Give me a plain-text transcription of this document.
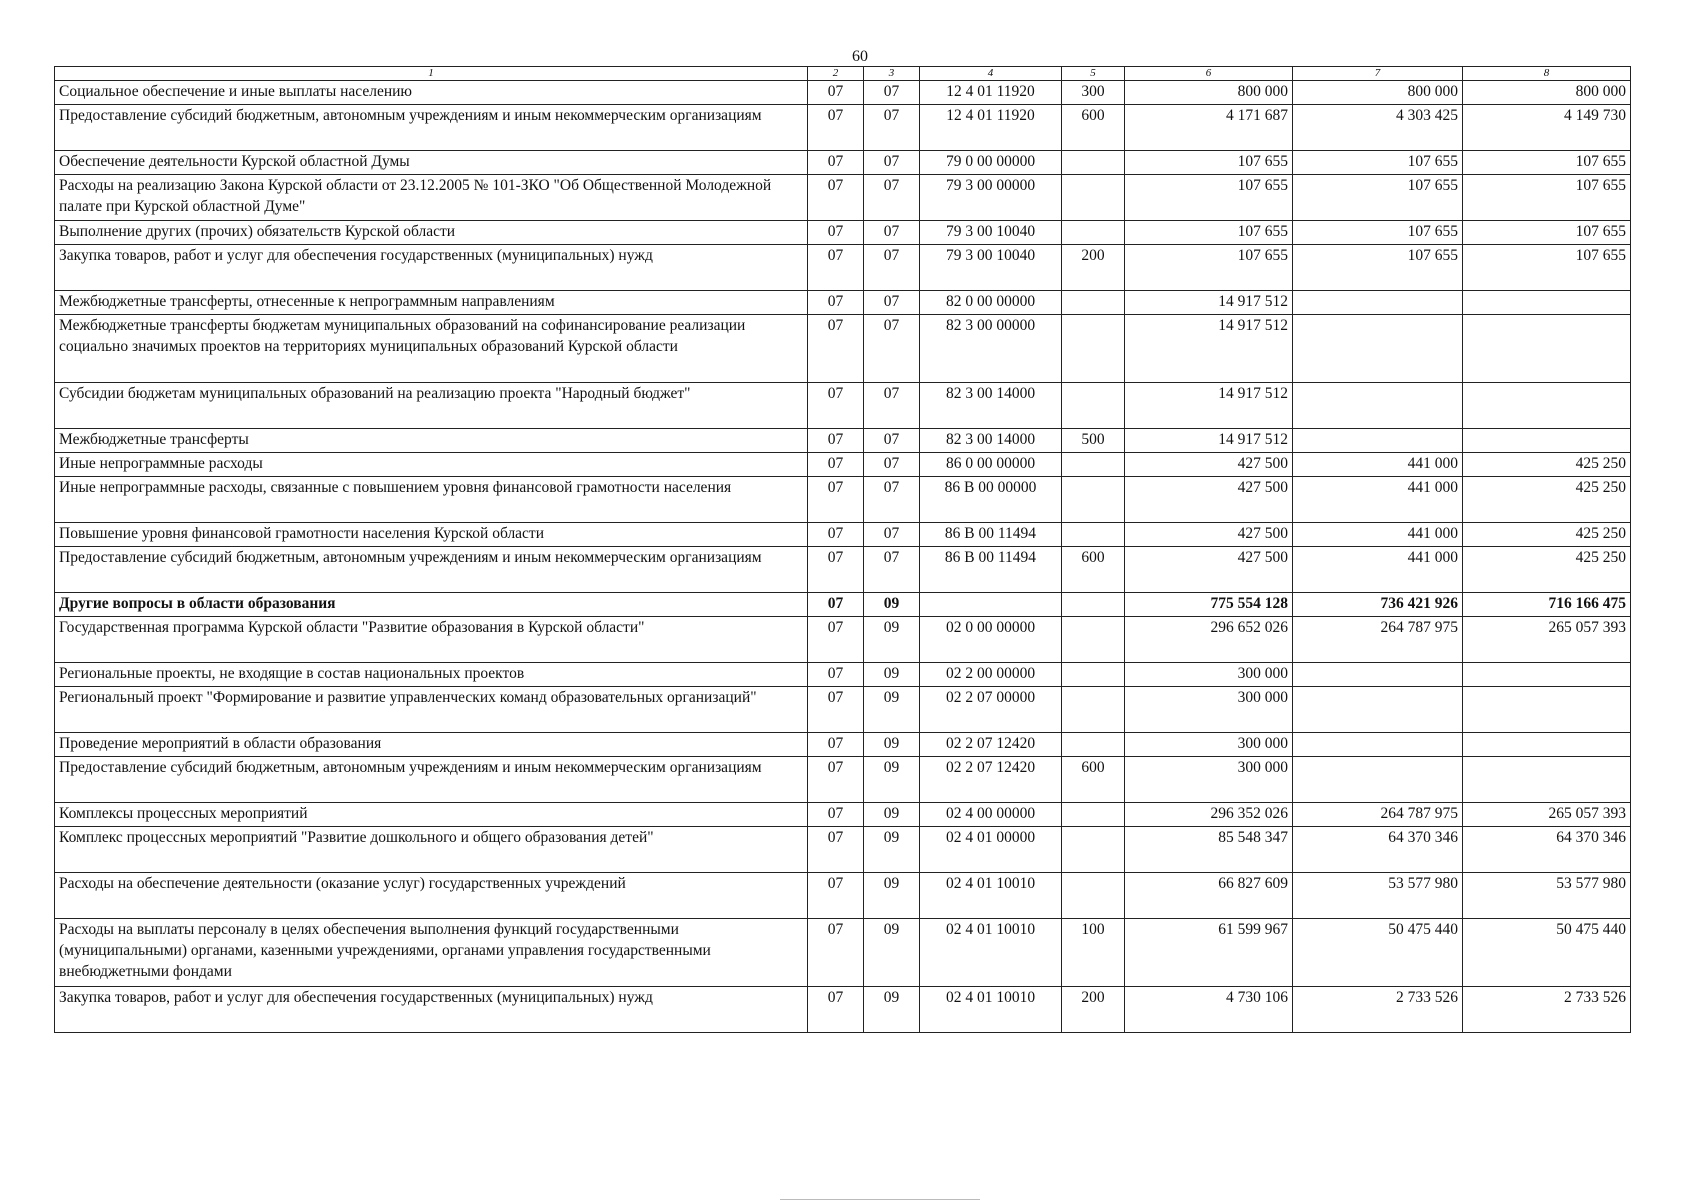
60
1	2	3	4	5	6	7	8
Социальное обеспечение и иные выплаты населению	07	07	12 4 01 11920	300	800 000	800 000	800 000
Предоставление субсидий бюджетным, автономным учреждениям и иным некоммерческим организациям	07	07	12 4 01 11920	600	4 171 687	4 303 425	4 149 730
Обеспечение деятельности Курской областной Думы	07	07	79 0 00 00000		107 655	107 655	107 655
Расходы на реализацию Закона Курской области от 23.12.2005 № 101-ЗКО "Об Общественной Молодежной палате при Курской областной Думе"	07	07	79 3 00 00000		107 655	107 655	107 655
Выполнение других (прочих) обязательств Курской области	07	07	79 3 00 10040		107 655	107 655	107 655
Закупка товаров, работ и услуг для обеспечения государственных (муниципальных) нужд	07	07	79 3 00 10040	200	107 655	107 655	107 655
Межбюджетные трансферты, отнесенные к непрограммным направлениям	07	07	82 0 00 00000		14 917 512		
Межбюджетные трансферты бюджетам муниципальных образований на софинансирование реализации социально значимых проектов на территориях муниципальных образований Курской области	07	07	82 3 00 00000		14 917 512		
Субсидии бюджетам муниципальных образований на реализацию проекта "Народный бюджет"	07	07	82 3 00 14000		14 917 512		
Межбюджетные трансферты	07	07	82 3 00 14000	500	14 917 512		
Иные непрограммные расходы	07	07	86 0 00 00000		427 500	441 000	425 250
Иные непрограммные расходы, связанные с повышением уровня финансовой грамотности населения	07	07	86 В 00 00000		427 500	441 000	425 250
Повышение уровня финансовой грамотности населения Курской области	07	07	86 В 00 11494		427 500	441 000	425 250
Предоставление субсидий бюджетным, автономным учреждениям и иным некоммерческим организациям	07	07	86 В 00 11494	600	427 500	441 000	425 250
Другие вопросы в области образования	07	09			775 554 128	736 421 926	716 166 475
Государственная программа Курской области "Развитие образования в Курской области"	07	09	02 0 00 00000		296 652 026	264 787 975	265 057 393
Региональные проекты, не входящие в состав национальных проектов	07	09	02 2 00 00000		300 000		
Региональный проект "Формирование и развитие управленческих команд образовательных организаций"	07	09	02 2 07 00000		300 000		
Проведение мероприятий в области образования	07	09	02 2 07 12420		300 000		
Предоставление субсидий бюджетным, автономным учреждениям и иным некоммерческим организациям	07	09	02 2 07 12420	600	300 000		
Комплексы процессных мероприятий	07	09	02 4 00 00000		296 352 026	264 787 975	265 057 393
Комплекс процессных мероприятий "Развитие дошкольного и общего образования детей"	07	09	02 4 01 00000		85 548 347	64 370 346	64 370 346
Расходы на обеспечение деятельности (оказание услуг) государственных учреждений	07	09	02 4 01 10010		66 827 609	53 577 980	53 577 980
Расходы на выплаты персоналу в целях обеспечения выполнения функций государственными (муниципальными) органами, казенными учреждениями, органами управления государственными внебюджетными фондами	07	09	02 4 01 10010	100	61 599 967	50 475 440	50 475 440
Закупка товаров, работ и услуг для обеспечения государственных (муниципальных) нужд	07	09	02 4 01 10010	200	4 730 106	2 733 526	2 733 526
